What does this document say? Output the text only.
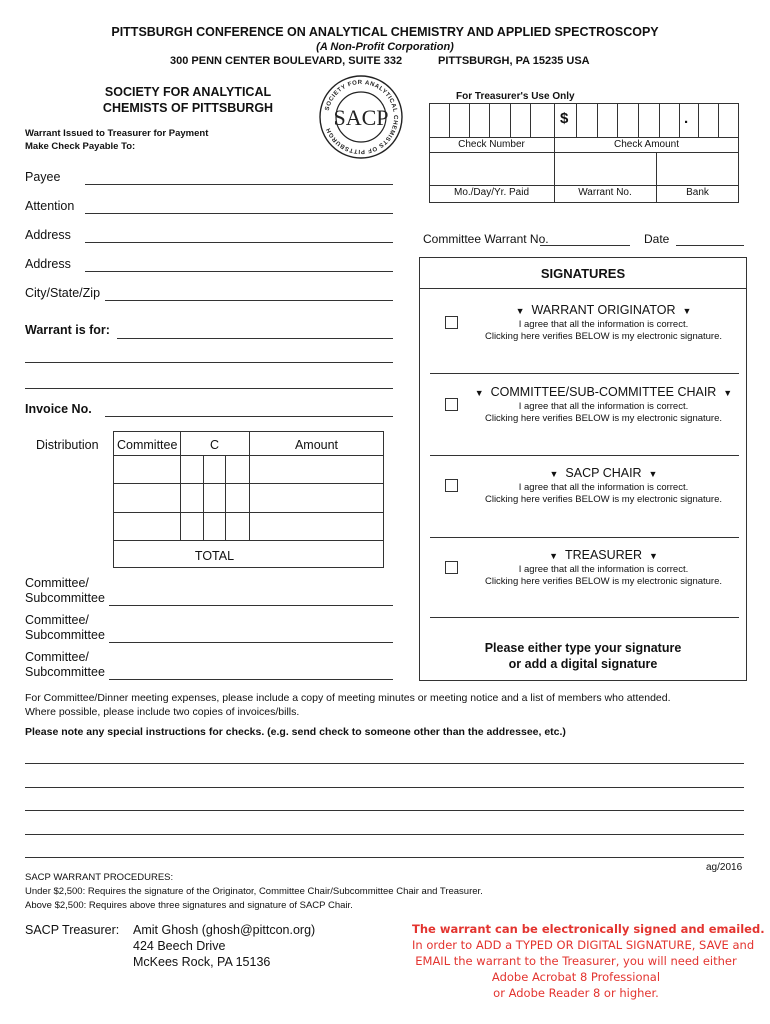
PITTSBURGH CONFERENCE ON ANALYTICAL CHEMISTRY AND APPLIED SPECTROSCOPY
(A Non-Profit Corporation)
300 PENN CENTER BOULEVARD, SUITE 332	PITTSBURGH, PA 15235 USA
SOCIETY FOR ANALYTICAL
CHEMISTS OF PITTSBURGH
Warrant Issued to Treasurer for Payment
Make Check Payable To:
SOCIETY FOR ANALYTICAL CHEMISTS OF PITTSBURGH SACP
For Treasurer's Use Only
$	.
Check Number	Check Amount
Mo./Day/Yr. Paid	Warrant No.	Bank
Committee Warrant No.	Date
Payee
Attention
Address
Address
City/State/Zip
Warrant is for:
Invoice No.
Distribution Committee	C	Amount
TOTAL
Committee/
Subcommittee
Committee/
Subcommittee
Committee/
Subcommittee
SIGNATURES
▼ WARRANT ORIGINATOR ▼
I agree that all the information is correct.
Clicking here verifies BELOW is my electronic signature.
▼ COMMITTEE/SUB-COMMITTEE CHAIR ▼
I agree that all the information is correct.
Clicking here verifies BELOW is my electronic signature.
▼ SACP CHAIR ▼
I agree that all the information is correct.
Clicking here verifies BELOW is my electronic signature.
▼ TREASURER ▼
I agree that all the information is correct.
Clicking here verifies BELOW is my electronic signature.
Please either type your signature
or add a digital signature
For Committee/Dinner meeting expenses, please include a copy of meeting minutes or meeting notice and a list of members who attended.
Where possible, please include two copies of invoices/bills.
Please note any special instructions for checks. (e.g. send check to someone other than the addressee, etc.)
ag/2016
SACP WARRANT PROCEDURES:
Under $2,500: Requires the signature of the Originator, Committee Chair/Subcommittee Chair and Treasurer.
Above $2,500: Requires above three signatures and signature of SACP Chair.
SACP Treasurer: Amit Ghosh (ghosh@pittcon.org)
424 Beech Drive
McKees Rock, PA 15136
The warrant can be electronically signed and emailed.
In order to ADD a TYPED OR DIGITAL SIGNATURE, SAVE and
EMAIL the warrant to the Treasurer, you will need either
Adobe Acrobat 8 Professional
or Adobe Reader 8 or higher.
